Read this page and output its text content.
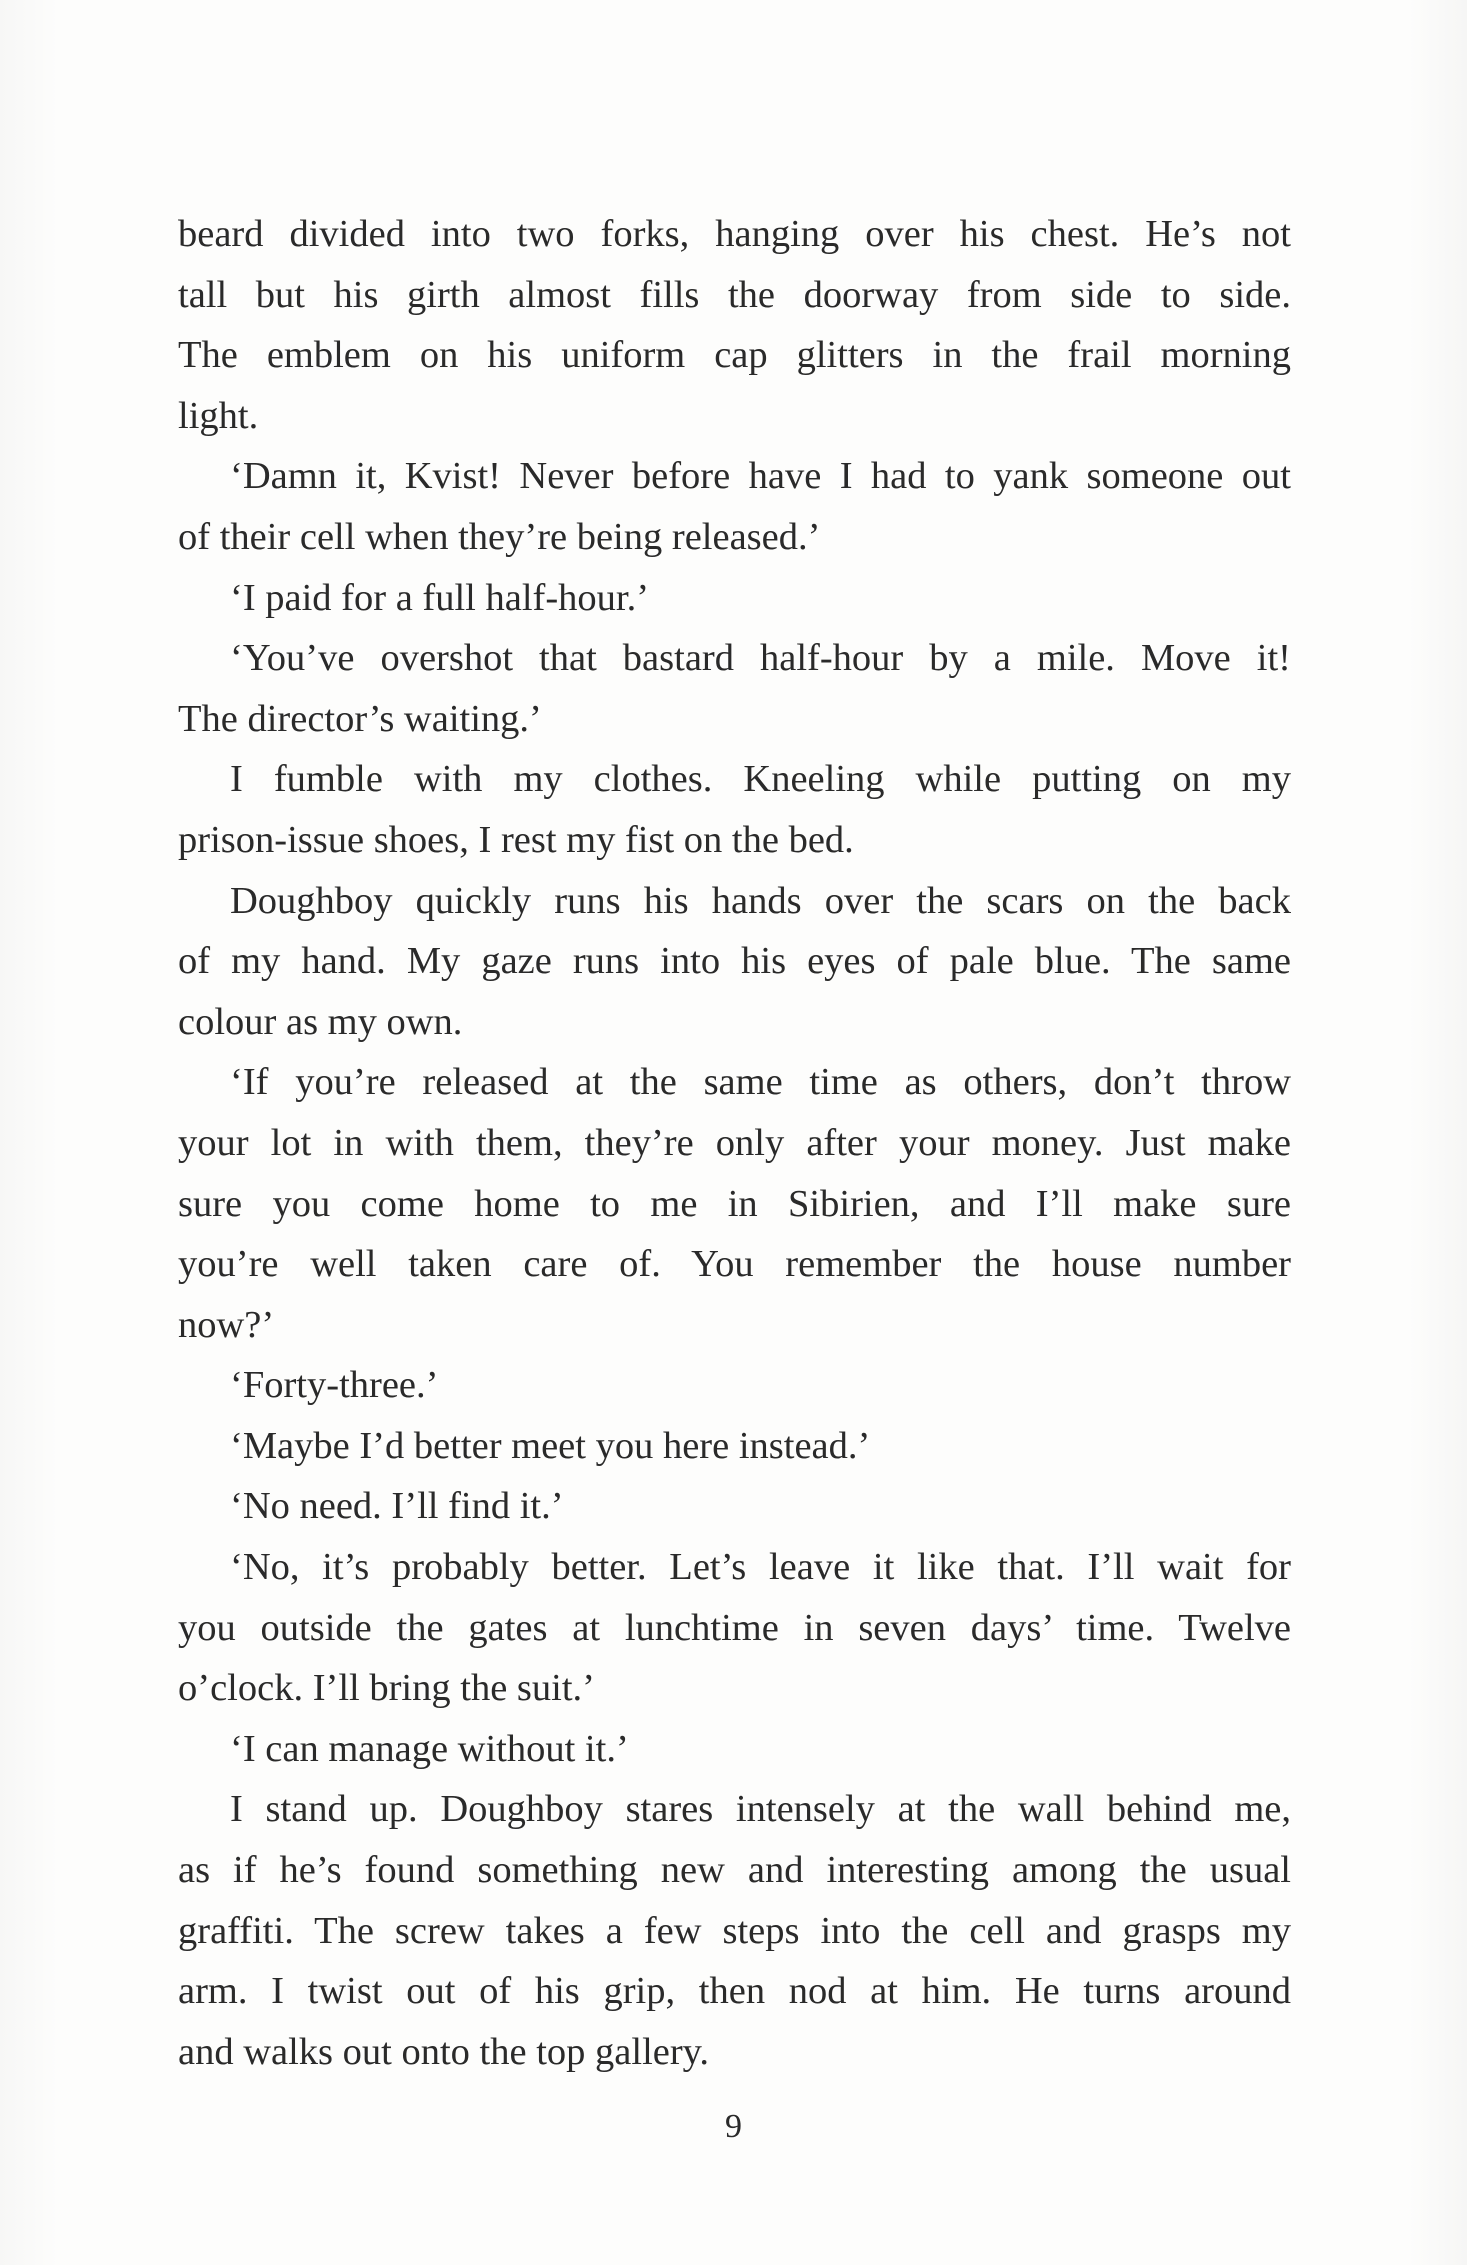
beard divided into two forks, hanging over his chest. He’s not
tall but his girth almost fills the doorway from side to side.
The emblem on his uniform cap glitters in the frail morning
light.
‘Damn it, Kvist! Never before have I had to yank someone out
of their cell when they’re being released.’
‘I paid for a full half-hour.’
‘You’ve overshot that bastard half-hour by a mile. Move it!
The director’s waiting.’
I fumble with my clothes. Kneeling while putting on my
prison-issue shoes, I rest my fist on the bed.
Doughboy quickly runs his hands over the scars on the back
of my hand. My gaze runs into his eyes of pale blue. The same
colour as my own.
‘If you’re released at the same time as others, don’t throw
your lot in with them, they’re only after your money. Just make
sure you come home to me in Sibirien, and I’ll make sure
you’re well taken care of. You remember the house number
now?’
‘Forty-three.’
‘Maybe I’d better meet you here instead.’
‘No need. I’ll find it.’
‘No, it’s probably better. Let’s leave it like that. I’ll wait for
you outside the gates at lunchtime in seven days’ time. Twelve
o’clock. I’ll bring the suit.’
‘I can manage without it.’
I stand up. Doughboy stares intensely at the wall behind me,
as if he’s found something new and interesting among the usual
graffiti. The screw takes a few steps into the cell and grasps my
arm. I twist out of his grip, then nod at him. He turns around
and walks out onto the top gallery.
9
